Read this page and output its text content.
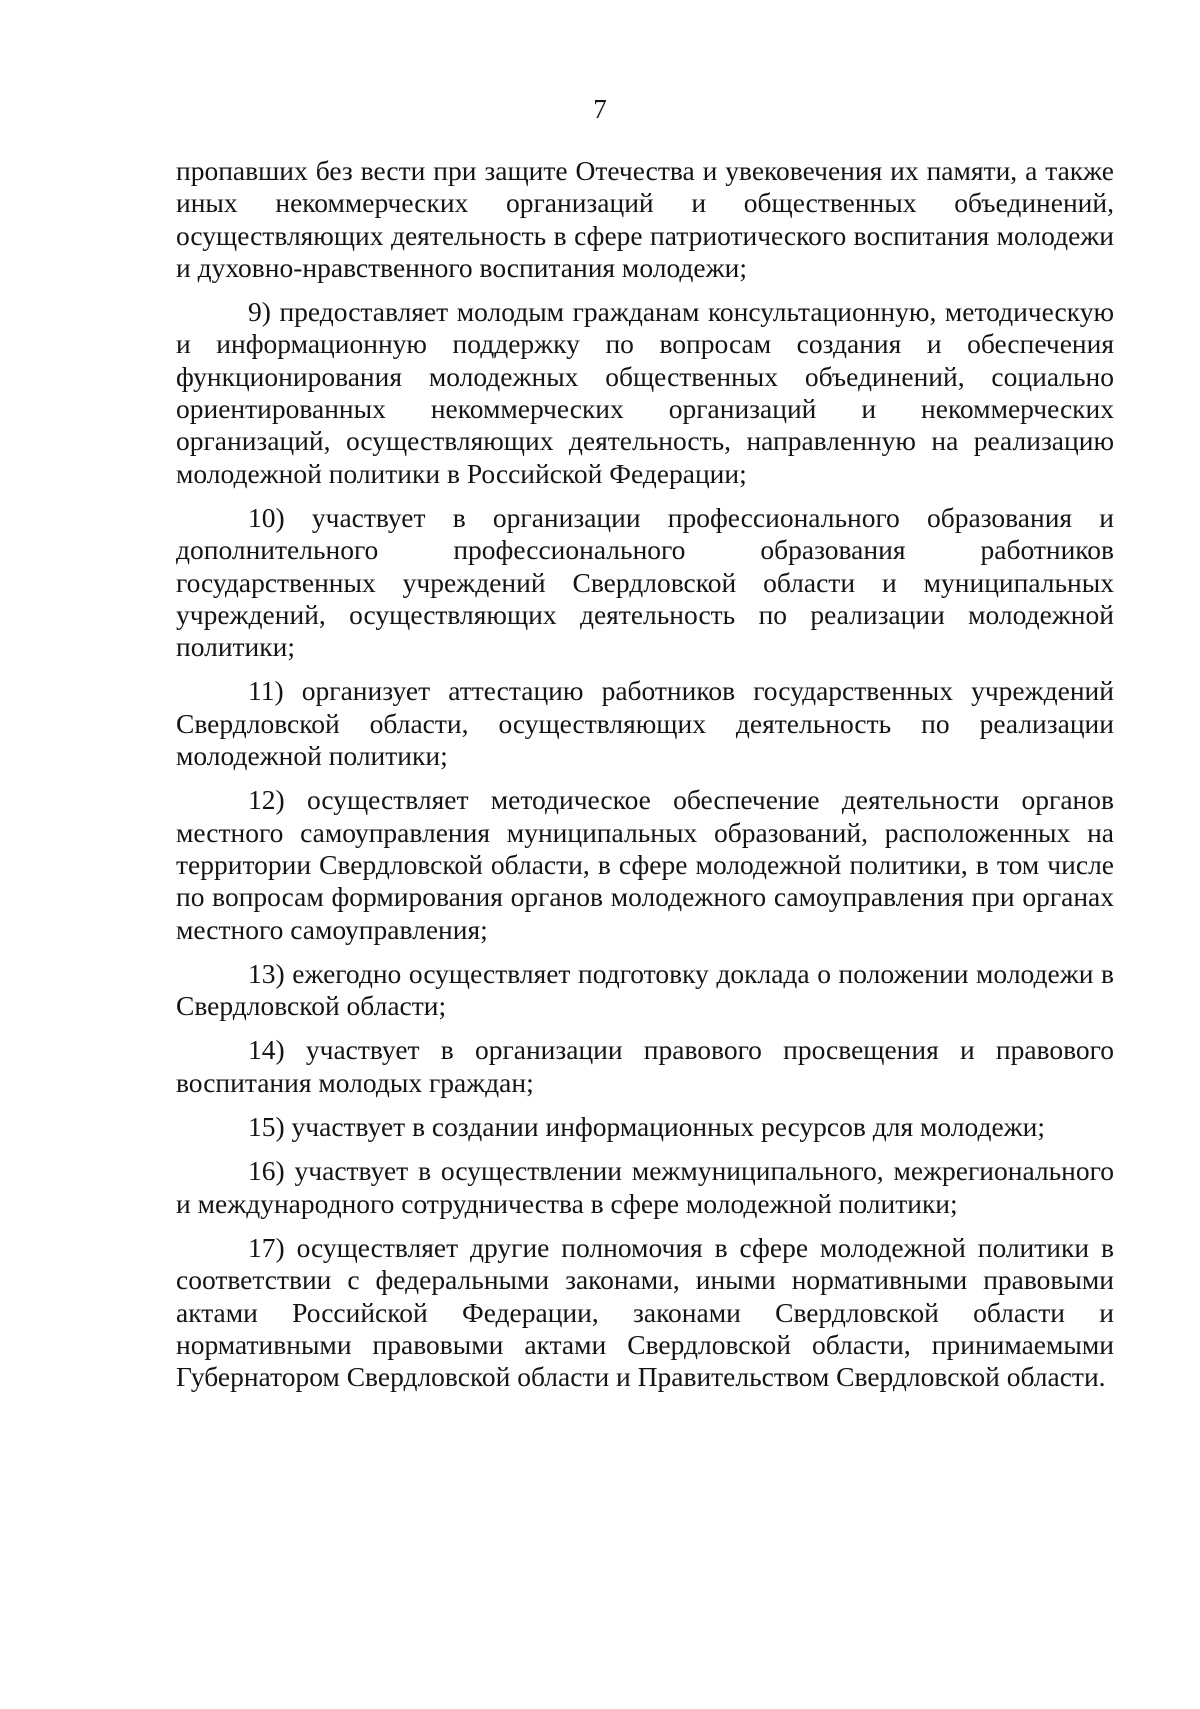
7

пропавших без вести при защите Отечества и увековечения их памяти, а также иных некоммерческих организаций и общественных объединений, осуществляющих деятельность в сфере патриотического воспитания молодежи и духовно-нравственного воспитания молодежи;

9) предоставляет молодым гражданам консультационную, методическую и информационную поддержку по вопросам создания и обеспечения функционирования молодежных общественных объединений, социально ориентированных некоммерческих организаций и некоммерческих организаций, осуществляющих деятельность, направленную на реализацию молодежной политики в Российской Федерации;

10) участвует в организации профессионального образования и дополнительного профессионального образования работников государственных учреждений Свердловской области и муниципальных учреждений, осуществляющих деятельность по реализации молодежной политики;

11) организует аттестацию работников государственных учреждений Свердловской области, осуществляющих деятельность по реализации молодежной политики;

12) осуществляет методическое обеспечение деятельности органов местного самоуправления муниципальных образований, расположенных на территории Свердловской области, в сфере молодежной политики, в том числе по вопросам формирования органов молодежного самоуправления при органах местного самоуправления;

13) ежегодно осуществляет подготовку доклада о положении молодежи в Свердловской области;

14) участвует в организации правового просвещения и правового воспитания молодых граждан;

15) участвует в создании информационных ресурсов для молодежи;

16) участвует в осуществлении межмуниципального, межрегионального и международного сотрудничества в сфере молодежной политики;

17) осуществляет другие полномочия в сфере молодежной политики в соответствии с федеральными законами, иными нормативными правовыми актами Российской Федерации, законами Свердловской области и нормативными правовыми актами Свердловской области, принимаемыми Губернатором Свердловской области и Правительством Свердловской области.
